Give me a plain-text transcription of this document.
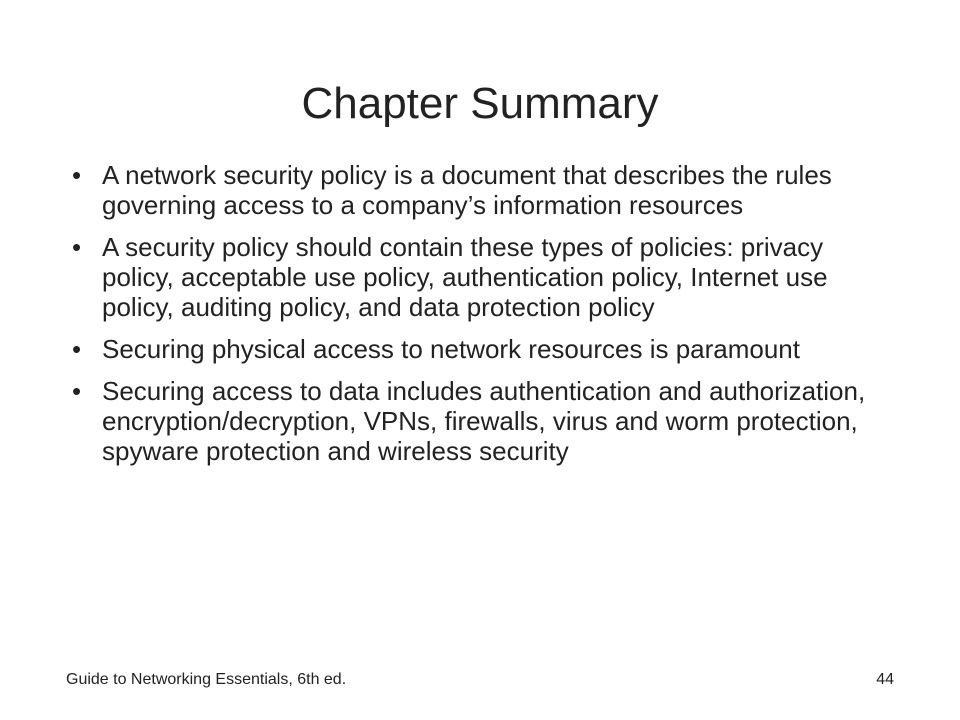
Chapter Summary
• A network security policy is a document that describes the rules governing access to a company’s information resources
• A security policy should contain these types of policies: privacy policy, acceptable use policy, authentication policy, Internet use policy, auditing policy, and data protection policy
• Securing physical access to network resources is paramount
• Securing access to data includes authentication and authorization, encryption/decryption, VPNs, firewalls, virus and worm protection, spyware protection and wireless security
Guide to Networking Essentials, 6th ed.	44
